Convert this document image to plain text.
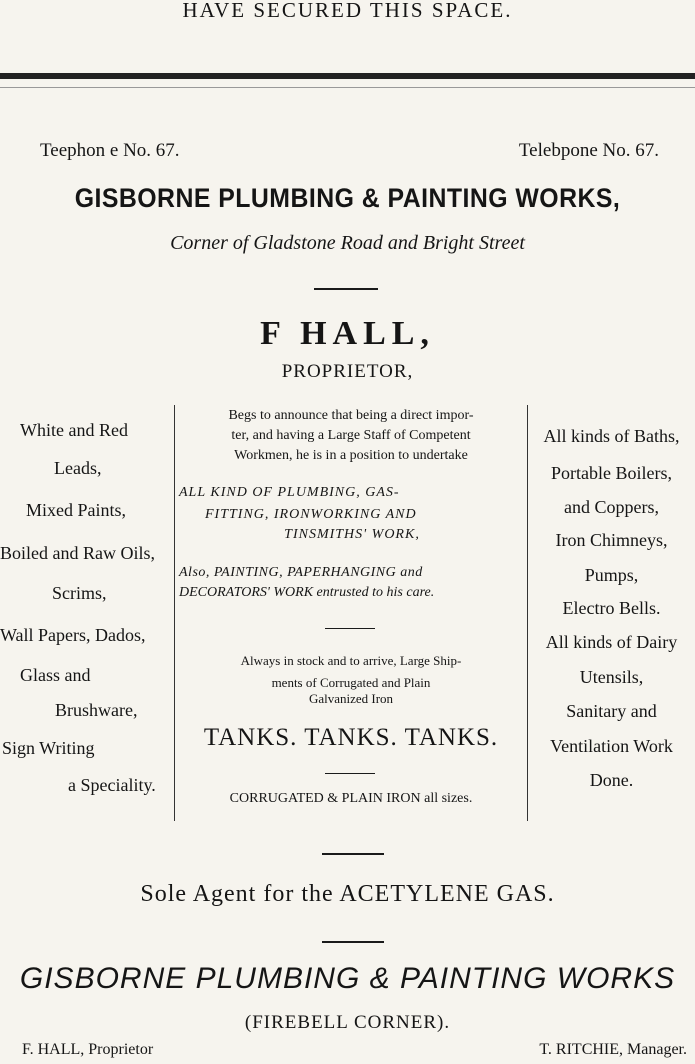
HAVE SECURED THIS SPACE.
Teephon e No. 67.	Telebpone No. 67.
GISBORNE PLUMBING & PAINTING WORKS,
Corner of Gladstone Road and Bright Street
F HALL,
PROPRIETOR,
White and Red
Leads,
Mixed Paints,
Boiled and Raw Oils,
Scrims,
Wall Papers, Dados,
Glass and
Brushware,
Sign Writing
a Speciality.
Begs to announce that being a direct impor-
ter, and having a Large Staff of Competent
Workmen, he is in a position to undertake
ALL KIND OF PLUMBING, GAS-
FITTING, IRONWORKING AND
TINSMITHS' WORK,
Also, PAINTING, PAPERHANGING and
DECORATORS' WORK entrusted to his care.
Always in stock and to arrive, Large Ship-
ments of Corrugated and Plain
Galvanized Iron
TANKS. TANKS. TANKS.
CORRUGATED & PLAIN IRON all sizes.
All kinds of Baths,
Portable Boilers,
and Coppers,
Iron Chimneys,
Pumps,
Electro Bells.
All kinds of Dairy
Utensils,
Sanitary and
Ventilation Work
Done.
Sole Agent for the ACETYLENE GAS.
GISBORNE PLUMBING & PAINTING WORKS
(FIREBELL CORNER).
F. HALL, Proprietor	T. RITCHIE, Manager.
